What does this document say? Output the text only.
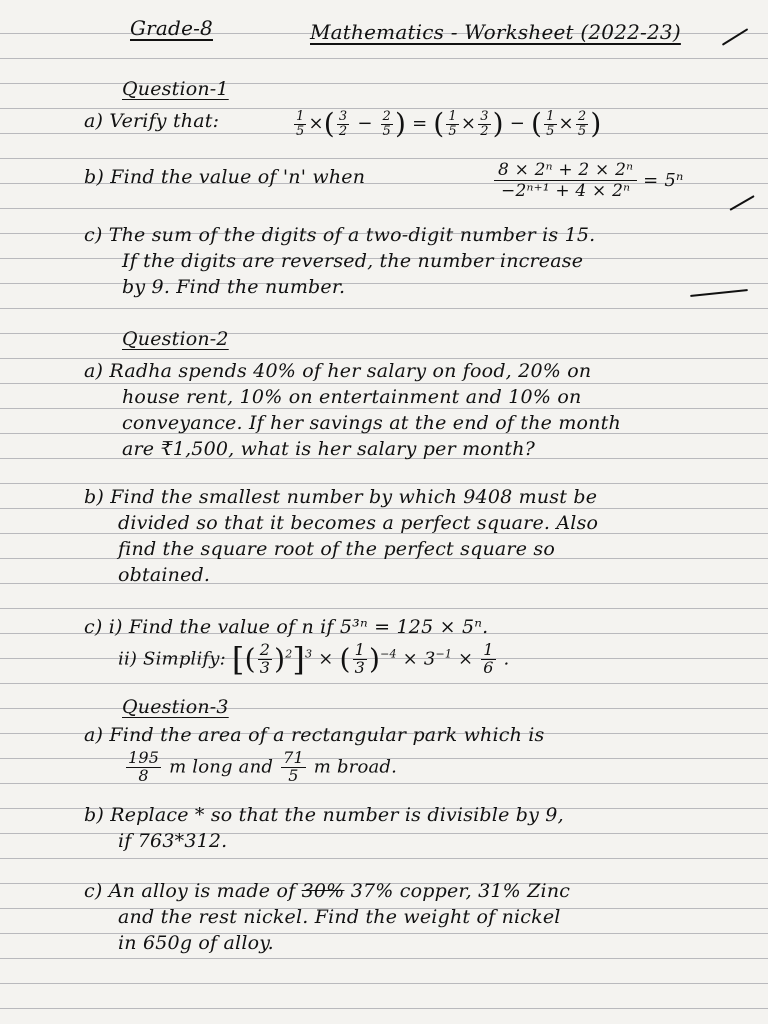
Grade-8	Mathematics - Worksheet (2022-23)
Question-1
a) Verify that:	$\frac{1}{5}$ ×( $\frac{3}{2} - \frac{2}{5}$ ) = ( $\frac{1}{5} \times \frac{3}{2}$ ) − ( $\frac{1}{5} \times \frac{2}{5}$ )
b) Find the value of 'n' when	$\frac{\text{8 × 2ⁿ + 2 × 2ⁿ}}{\text{−2ⁿ⁺¹ + 4 × 2ⁿ}} = 5^n$
c) The sum of the digits of a two-digit number is 15.
If the digits are reversed, the number increase
by 9. Find the number.
Question-2
a) Radha spends 40% of her salary on food, 20% on
house rent, 10% on entertainment and 10% on
conveyance. If her savings at the end of the month
are ₹1,500, what is her salary per month?
b) Find the smallest number by which 9408 must be
divided so that it becomes a perfect square. Also
find the square root of the perfect square so
obtained.
c) i) Find the value of n if 5³ⁿ = 125 × 5ⁿ.
ii) Simplify: [( $\frac{2}{3} )^2]^3$ × ( $\frac{1}{3} )^{-4} \times 3^{-1} \times \frac{1}{6}$ .
Question-3
a) Find the area of a rectangular park which is
$\frac{195}{8}$ m long and $\frac{71}{5}$ m broad.
b) Replace * so that the number is divisible by 9,
if 763*312.
c) An alloy is made of 30% 37% copper, 31% Zinc
and the rest nickel. Find the weight of nickel
in 650g of alloy.
